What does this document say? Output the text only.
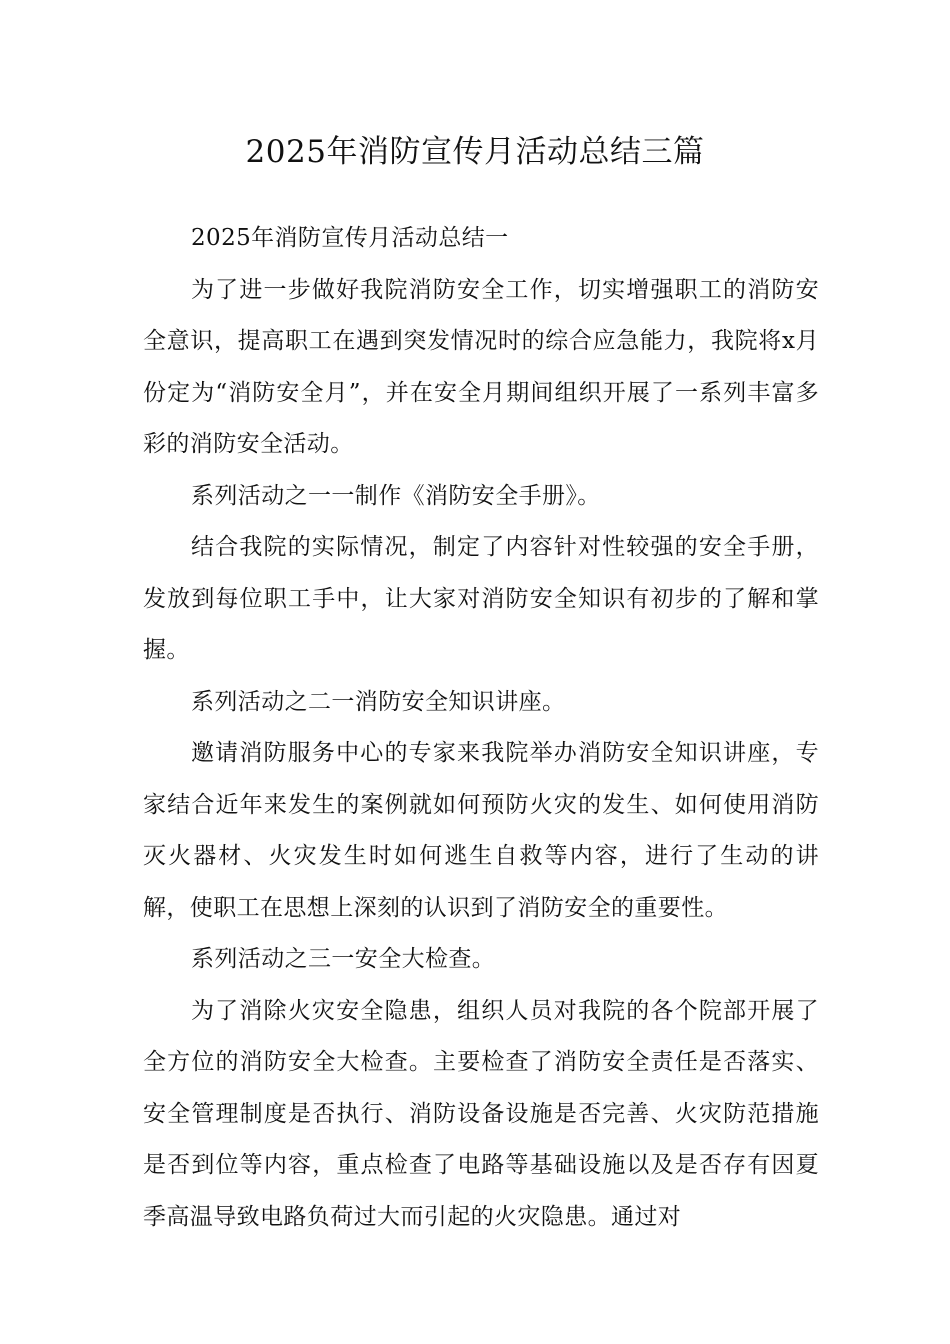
2025年消防宣传月活动总结三篇

2025年消防宣传月活动总结一

为了进一步做好我院消防安全工作，切实增强职工的消防安全意识，提高职工在遇到突发情况时的综合应急能力，我院将x月份定为“消防安全月”，并在安全月期间组织开展了一系列丰富多彩的消防安全活动。

系列活动之一一制作《消防安全手册》。

结合我院的实际情况，制定了内容针对性较强的安全手册，发放到每位职工手中，让大家对消防安全知识有初步的了解和掌握。

系列活动之二一消防安全知识讲座。

邀请消防服务中心的专家来我院举办消防安全知识讲座，专家结合近年来发生的案例就如何预防火灾的发生、如何使用消防灭火器材、火灾发生时如何逃生自救等内容，进行了生动的讲解，使职工在思想上深刻的认识到了消防安全的重要性。

系列活动之三一安全大检查。

为了消除火灾安全隐患，组织人员对我院的各个院部开展了全方位的消防安全大检查。主要检查了消防安全责任是否落实、安全管理制度是否执行、消防设备设施是否完善、火灾防范措施是否到位等内容，重点检查了电路等基础设施以及是否存有因夏季高温导致电路负荷过大而引起的火灾隐患。通过对
